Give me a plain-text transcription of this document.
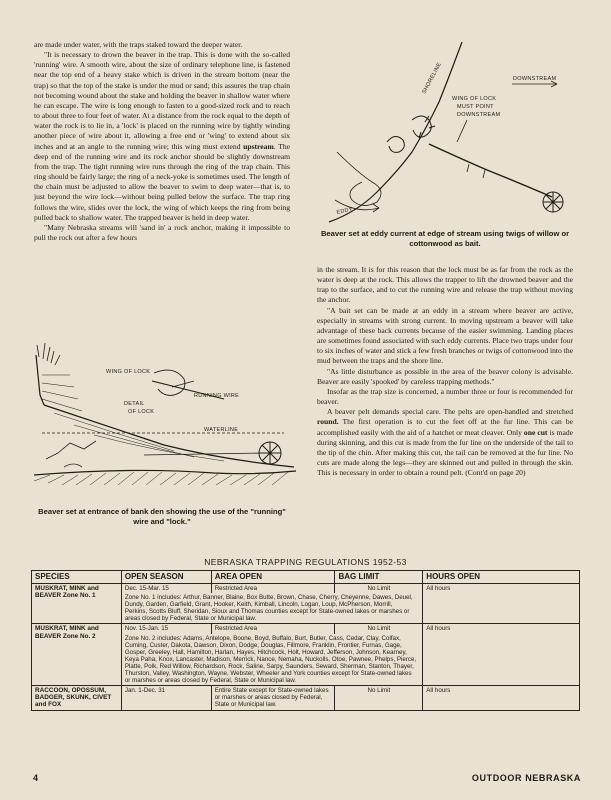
are made under water, with the traps staked toward the deeper water.

"It is necessary to drown the beaver in the trap. This is done with the so-called 'running' wire. A smooth wire, about the size of ordinary telephone line, is fastened near the top end of a heavy stake which is driven in the stream bottom (near the trap) so that the top of the stake is under the mud or sand; this assures the trap chain not becoming wound about the stake and holding the beaver in shallow water where he can escape. The wire is long enough to fasten to a good-sized rock and to reach to about three to four feet of water. At a distance from the rock equal to the depth of water the rock is to lie in, a 'lock' is placed on the running wire by tightly winding another piece of wire about it, allowing a free end or 'wing' to extend about six inches and at an angle to the running wire; this wing must extend upstream. The deep end of the running wire and its rock anchor should be slightly downstream from the trap. The tight running wire runs through the ring of the trap chain. This ring should be fairly large; the ring of a neck-yoke is sometimes used. The length of the chain must be adjusted to allow the beaver to swim to deep water—that is, to just beyond the wire lock—without being pulled below the surface. The trap ring follows the wire, slides over the lock, the wing of which keeps the ring from being pulled back to shallow water. The trapped beaver is held in deep water.

"Many Nebraska streams will 'sand in' a rock anchor, making it impossible to pull the rock out after a few hours

SHORELINE	DOWNSTREAM
WING OF LOCK
MUST POINT
DOWNSTREAM
EDDY
Beaver set at eddy current at edge of stream using twigs of willow or cottonwood as bait.

in the stream. It is for this reason that the lock must be as far from the rock as the water is deep at the rock. This allows the trapper to lift the drowned beaver and the trap to the surface, and to cut the running wire and release the trap without moving the anchor.

"A bait set can be made at an eddy in a stream where beaver are active, especially in streams with strong current. In moving upstream a beaver will take advantage of these back currents because of the easier swimming. Landing places are sometimes found associated with such eddy currents. Place two traps under four to six inches of water and stick a few fresh branches or twigs of cottonwood into the mud between the traps and the shore line.

"As little disturbance as possible in the area of the beaver colony is advisable. Beaver are easily 'spooked' by careless trapping methods."

Insofar as the trap size is concerned, a number three or four is recommended for beaver.

A beaver pelt demands special care. The pelts are open-handled and stretched round. The first operation is to cut the feet off at the fur line. This can be accomplished easily with the aid of a hatchet or meat cleaver. Only one cut is made during skinning, and this cut is made from the fur line on the underside of the tail to the tip of the chin. After making this cut, the tail can be removed at the fur line. No cuts are made along the legs—they are skinned out and pulled in through the skin. This is necessary in order to obtain a round pelt. (Cont'd on page 20)

WING OF LOCK
RUNNING WIRE
DETAIL
OF LOCK
WATERLINE
Beaver set at entrance of bank den showing the use of the "running" wire and "lock."
NEBRASKA TRAPPING REGULATIONS 1952-53
SPECIES	OPEN SEASON	AREA OPEN	BAG LIMIT	HOURS OPEN
MUSKRAT, MINK and BEAVER Zone No. 1	Dec. 15-Mar. 15	Restricted Area	No Limit	All hours
	Zone No. 1 includes: Arthur, Banner, Blaine, Box Butte, Brown, Chase, Cherry, Cheyenne, Dawes, Deuel, Dundy, Garden, Garfield, Grant, Hooker, Keith, Kimball, Lincoln, Logan, Loup, McPherson, Morrill, Perkins, Scotts Bluff, Sheridan, Sioux and Thomas counties except for State-owned lakes or marshes or areas closed by Federal, State or Municipal law.			
MUSKRAT, MINK and BEAVER Zone No. 2	Nov. 15-Jan. 15	Restricted Area	No Limit	All hours
	Zone No. 2 includes: Adams, Antelope, Boone, Boyd, Buffalo, Burt, Butler, Cass, Cedar, Clay, Colfax, Cuming, Custer, Dakota, Dawson, Dixon, Dodge, Douglas, Fillmore, Franklin, Frontier, Furnas, Gage, Gosper, Greeley, Hall, Hamilton, Harlan, Hayes, Hitchcock, Holt, Howard, Jefferson, Johnson, Kearney, Keya Paha, Knox, Lancaster, Madison, Merrick, Nance, Nemaha, Nuckolls, Otoe, Pawnee, Phelps, Pierce, Platte, Polk, Red Willow, Richardson, Rock, Saline, Sarpy, Saunders, Seward, Sherman, Stanton, Thayer, Thurston, Valley, Washington, Wayne, Webster, Wheeler and York counties except for State-owned lakes or marshes or areas closed by Federal, State or Municipal law.			
RACCOON, OPOSSUM, BADGER, SKUNK, CIVET and FOX	Jan. 1-Dec. 31	Entire State except for State-owned lakes or marshes or areas closed by Federal, State or Municipal law.	No Limit	All hours
4	OUTDOOR NEBRASKA
